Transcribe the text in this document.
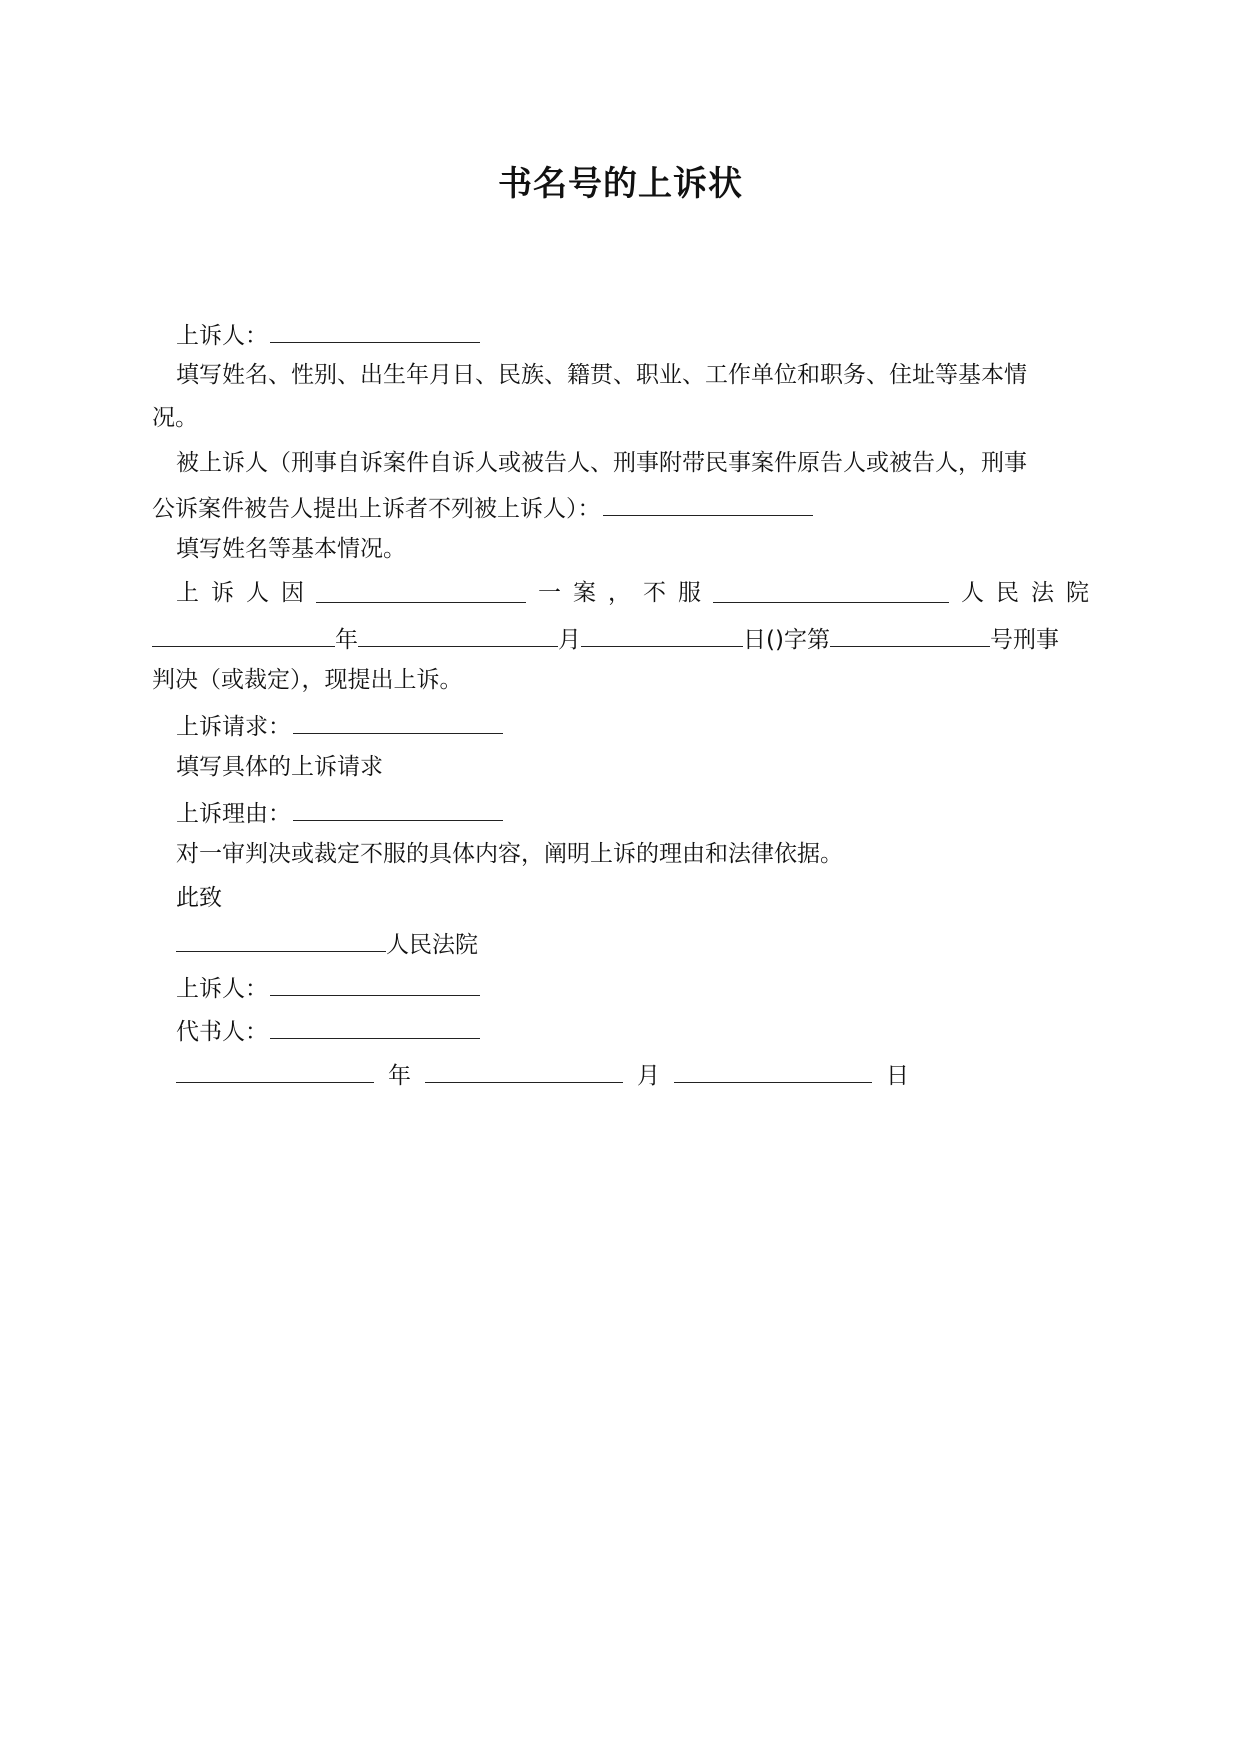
书名号的上诉状
上诉人：
填写姓名、性别、出生年月日、民族、籍贯、职业、工作单位和职务、住址等基本情
况。
被上诉人（刑事自诉案件自诉人或被告人、刑事附带民事案件原告人或被告人，刑事
公诉案件被告人提出上诉者不列被上诉人）：
填写姓名等基本情况。
上 诉 人 因	一 案 ， 不 服	人 民 法 院
年	月	日()字第	号刑事
判决（或裁定），现提出上诉。
上诉请求：
填写具体的上诉请求
上诉理由：
对一审判决或裁定不服的具体内容，阐明上诉的理由和法律依据。
此致
人民法院
上诉人：
代书人：
年	月	日
